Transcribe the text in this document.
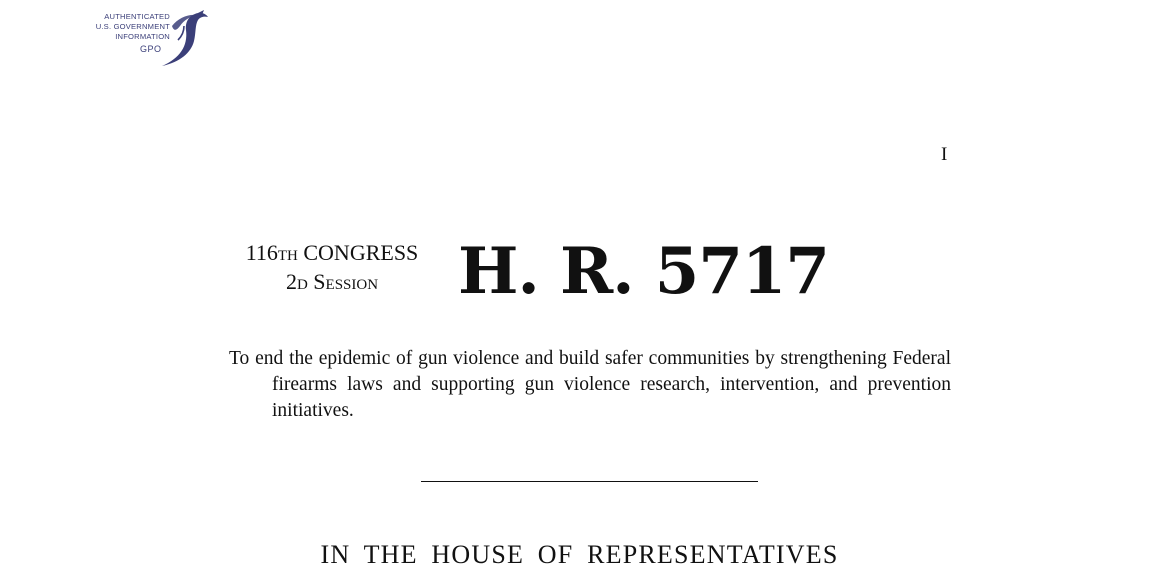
AUTHENTICATED
U.S. GOVERNMENT
INFORMATION
GPO
I
116TH CONGRESS
2D SESSION	H. R. 5717
To end the epidemic of gun violence and build safer communities by strengthening Federal firearms laws and supporting gun violence research, intervention, and prevention initiatives.
IN THE HOUSE OF REPRESENTATIVES
